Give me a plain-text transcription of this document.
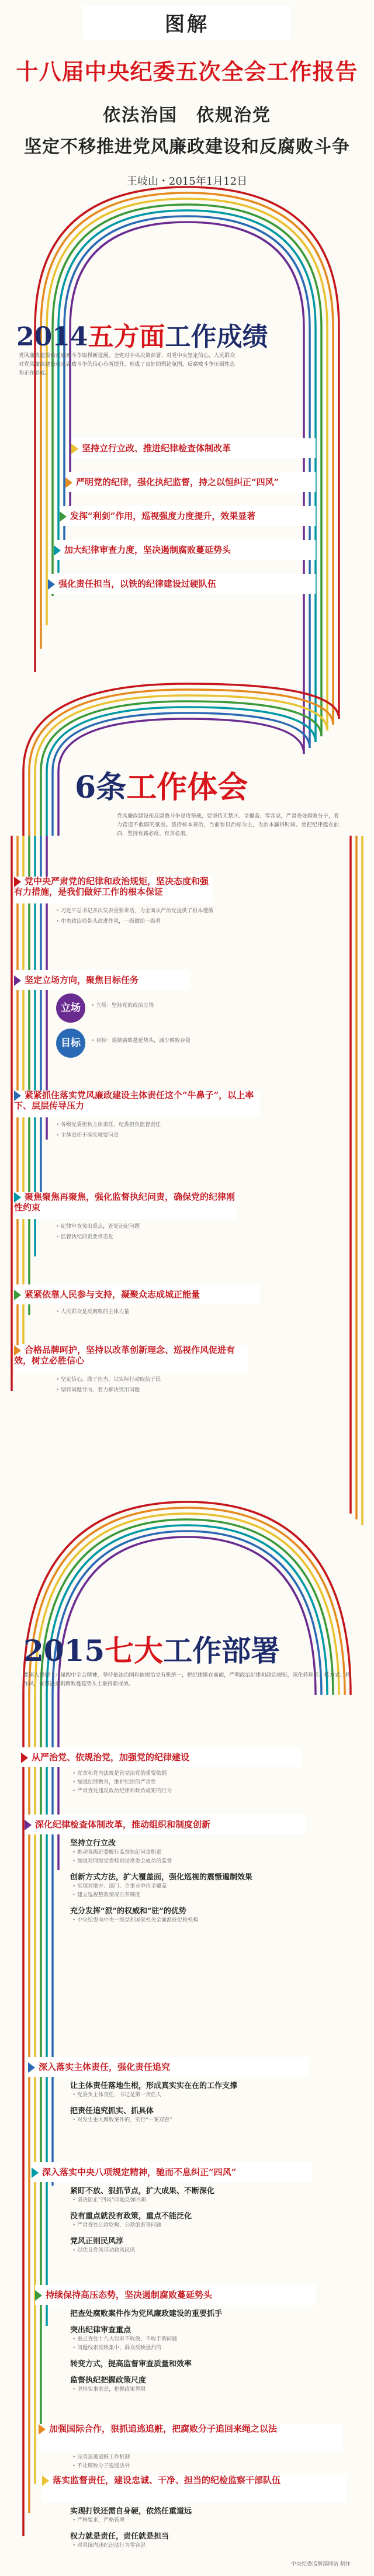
图解
十八届中央纪委五次全会工作报告
依法治国　依规治党
坚定不移推进党风廉政建设和反腐败斗争
王岐山・2015年1月12日
2014五方面工作成绩
党风廉政建设和反腐败斗争取得新进展。全党对中央决策部署、对党中央坚定信心，人民群众对党风廉政建设和反腐败斗争的信心有所提升，形成了良好的舆论氛围，反腐败斗争压倒性态势正在形成。
坚持立行立改、推进纪律检查体制改革
严明党的纪律，强化执纪监督，持之以恒纠正“四风”
发挥“利剑”作用，巡视强度力度提升，效果显著
加大纪律审查力度，坚决遏制腐败蔓延势头
强化责任担当，以铁的纪律建设过硬队伍
6条工作体会
党风廉政建设和反腐败斗争是攻坚战，要坚持无禁区、全覆盖、零容忍，严肃查处腐败分子，着力营造不敢腐的氛围。坚持标本兼治，当前要以治标为主，为治本赢得时间。要把纪律挺在前面，坚持有腐必反、有贪必肃。
党中央严肃党的纪律和政治规矩，坚决态度和强有力措施，是我们做好工作的根本保证
• 习近平总书记多次发表重要讲话，为全面从严治党提供了根本遵循
• 中央政治局带头改进作风，一级做给一级看
坚定立场方向，聚焦目标任务
立场
目标
• 立场：坚持党的政治立场
• 目标：遏制腐败蔓延势头，减少腐败存量
紧紧抓住落实党风廉政建设主体责任这个“牛鼻子”，以上率下、层层传导压力
• 各级党委担负主体责任，纪委担负监督责任
• 主体责任不落实就要问责
聚焦聚焦再聚焦，强化监督执纪问责，确保党的纪律刚性约束
• 纪律审查突出重点，查处违纪问题
• 监督执纪问责要常态化
紧紧依靠人民参与支持，凝聚众志成城正能量
• 人民群众是反腐败的主体力量
合格品牌呵护，坚持以改革创新理念、巡视作风促进有效，树立必胜信心
• 坚定信心，敢于担当，以实际行动取信于民
• 坚持问题导向，着力解决突出问题
2015七大工作部署
要深入贯彻十八届四中全会精神，坚持依法治国和依规治党有机统一，把纪律挺在前面，严明政治纪律和政治规矩，深化转职能、转方式、转作风，在坚决遏制腐败蔓延势头上取得新成效。
从严治党、依规治党，加强党的纪律建设
• 党章和党内法规是管党治党的重要依据
• 加强纪律教育，维护纪律的严肃性
• 严肃查处违反政治纪律和政治规矩的行为
深化纪律检查体制改革，推动组织和制度创新
坚持立行立改
• 推动各级纪委履行监督执纪问责职责
• 加强对同级党委特别是常委会成员的监督
创新方式方法，扩大覆盖面，强化巡视的震慑遏制效果
• 实现对地方、部门、企事业单位全覆盖
• 建立巡视整改情况公开制度
充分发挥“派”的权威和“驻”的优势
• 中央纪委向中央一级党和国家机关全面派驻纪检机构
深入落实主体责任，强化责任追究
让主体责任落地生根，形成真实实在在的工作支撑
• 党委负主体责任，书记是第一责任人
把责任追究抓实、抓具体
• 对发生重大腐败案件的，实行“一案双查”
深入落实中央八项规定精神，驰而不息纠正“四风”
紧盯不放、狠抓节点，扩大成果、不断深化
• 坚决防止“四风”问题反弹回潮
没有重点就没有政策，重点不能泛化
• 严肃查处公款吃喝、公款旅游等问题
党风正则民风淳
• 以优良党风带动政风民风
持续保持高压态势，坚决遏制腐败蔓延势头
把查处腐败案件作为党风廉政建设的重要抓手
突出纪律审查重点
• 重点查处十八大以来不收敛、不收手的问题
• 问题线索反映集中、群众反映强烈的
转变方式，提高监督审查质量和效率
监督执纪把握政策尺度
• 坚持实事求是，把握政策界限
加强国际合作，狠抓追逃追赃，把腐败分子追回来绳之以法
• 完善追逃追赃工作机制
• 不让腐败分子逍遥法外
落实监督责任，建设忠诚、干净、担当的纪检监察干部队伍
实现打铁还需自身硬，依然任重道远
• 严格要求，严格管理
权力就是责任，责任就是担当
• 对系统内违纪违法行为零容忍
中央纪委监察部网站 制作
